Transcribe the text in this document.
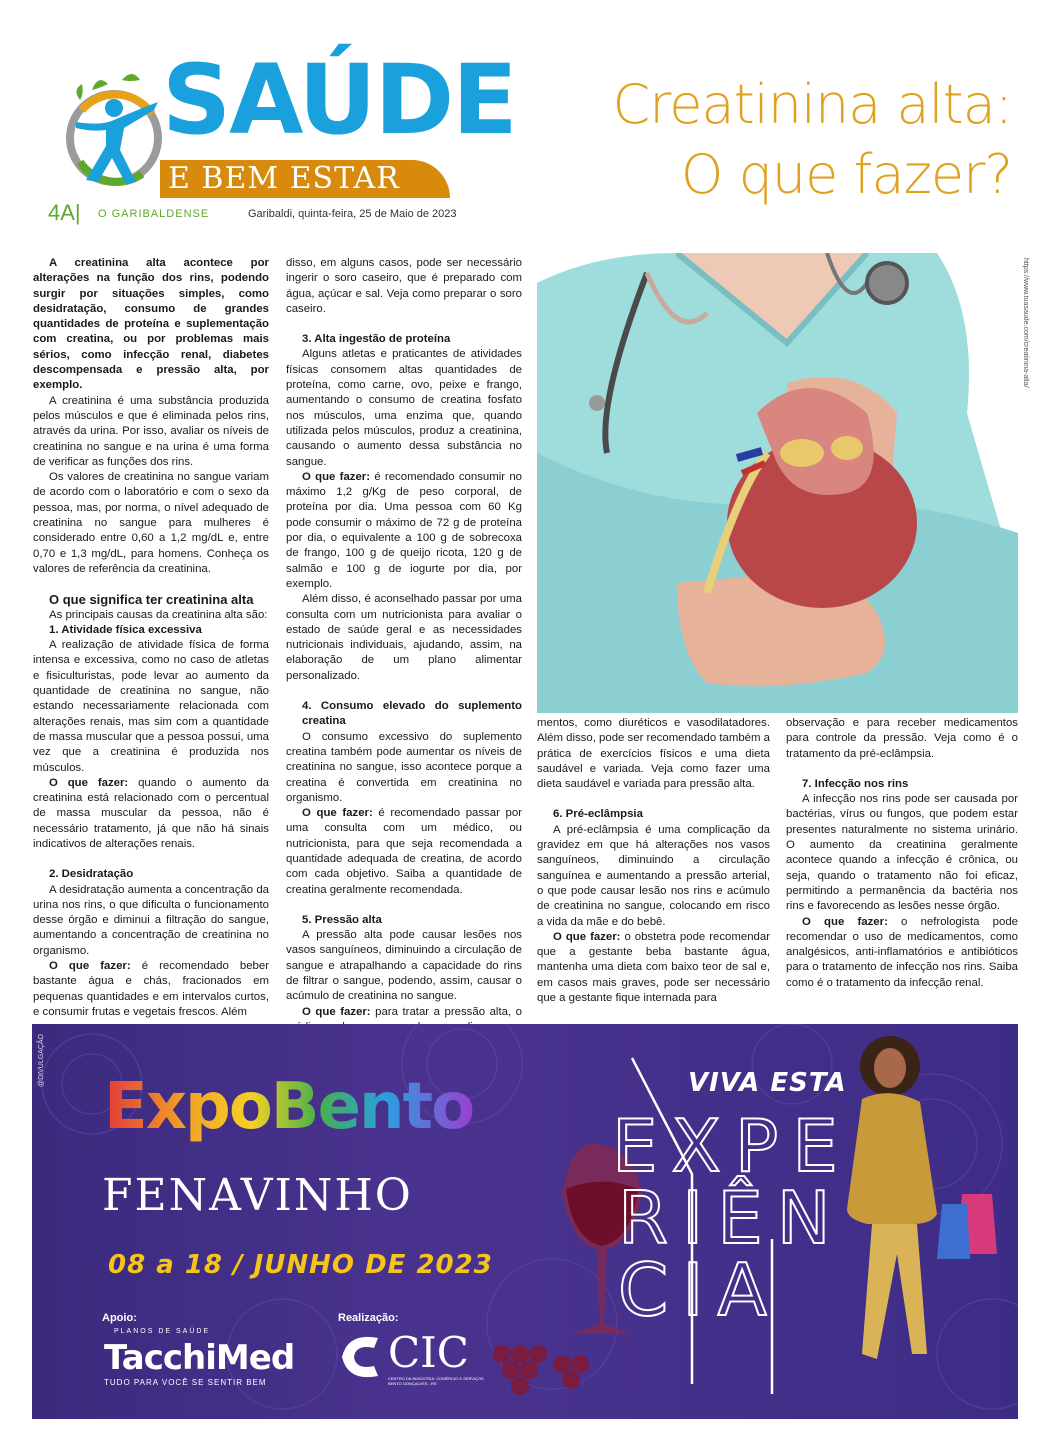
SAÚDE
E BEM ESTAR
4A| O GARIBALDENSE	Garibaldi, quinta-feira, 25 de Maio de 2023
Creatinina alta:
O que fazer?

A creatinina alta acontece por alterações na função dos rins, podendo surgir por situações simples, como desidratação, consumo de grandes quantidades de proteína e suplementação com creatina, ou por problemas mais sérios, como infecção renal, diabetes descompensada e pressão alta, por exemplo.

A creatinina é uma substância produzida pelos músculos e que é eliminada pelos rins, através da urina. Por isso, avaliar os níveis de creatinina no sangue e na urina é uma forma de verificar as funções dos rins.

Os valores de creatinina no sangue variam de acordo com o laboratório e com o sexo da pessoa, mas, por norma, o nível adequado de creatinina no sangue para mulheres é considerado entre 0,60 a 1,2 mg/dL e, entre 0,70 e 1,3 mg/dL, para homens. Conheça os valores de referência da creatinina.

O que significa ter creatinina alta

As principais causas da creatinina alta são:

1. Atividade física excessiva

A realização de atividade física de forma intensa e excessiva, como no caso de atletas e fisiculturistas, pode levar ao aumento da quantidade de creatinina no sangue, não estando necessariamente relacionada com alterações renais, mas sim com a quantidade de massa muscular que a pessoa possui, uma vez que a creatinina é produzida nos músculos.

O que fazer: quando o aumento da creatinina está relacionado com o percentual de massa muscular da pessoa, não é necessário tratamento, já que não há sinais indicativos de alterações renais.

2. Desidratação

A desidratação aumenta a concentração da urina nos rins, o que dificulta o funcionamento desse órgão e diminui a filtração do sangue, aumentando a concentração de creatinina no organismo.

O que fazer: é recomendado beber bastante água e chás, fracionados em pequenas quantidades e em intervalos curtos, e consumir frutas e vegetais frescos. Além

disso, em alguns casos, pode ser necessário ingerir o soro caseiro, que é preparado com água, açúcar e sal. Veja como preparar o soro caseiro.

3. Alta ingestão de proteína

Alguns atletas e praticantes de atividades físicas consomem altas quantidades de proteína, como carne, ovo, peixe e frango, aumentando o consumo de creatina fosfato nos músculos, uma enzima que, quando utilizada pelos músculos, produz a creatinina, causando o aumento dessa substância no sangue.

O que fazer: é recomendado consumir no máximo 1,2 g/Kg de peso corporal, de proteína por dia. Uma pessoa com 60 Kg pode consumir o máximo de 72 g de proteína por dia, o equivalente a 100 g de sobrecoxa de frango, 100 g de queijo ricota, 120 g de salmão e 100 g de iogurte por dia, por exemplo.

Além disso, é aconselhado passar por uma consulta com um nutricionista para avaliar o estado de saúde geral e as necessidades nutricionais individuais, ajudando, assim, na elaboração de um plano alimentar personalizado.

4. Consumo elevado do suplemento creatina

O consumo excessivo do suplemento creatina também pode aumentar os níveis de creatinina no sangue, isso acontece porque a creatina é convertida em creatinina no organismo.

O que fazer: é recomendado passar por uma consulta com um médico, ou nutricionista, para que seja recomendada a quantidade adequada de creatina, de acordo com cada objetivo. Saiba a quantidade de creatina geralmente recomendada.

5. Pressão alta

A pressão alta pode causar lesões nos vasos sanguíneos, diminuindo a circulação de sangue e atrapalhando a capacidade do rins de filtrar o sangue, podendo, assim, causar o acúmulo de creatinina no sangue.

O que fazer: para tratar a pressão alta, o

https://www.tuasaude.com/creatinina-alta/

mentos, como diuréticos e vasodilatadores. Além disso, pode ser recomendado também a prática de exercícios físicos e uma dieta saudável e variada. Veja como fazer uma dieta saudável e variada para pressão alta.

6. Pré-eclâmpsia

A pré-eclâmpsia é uma complicação da gravidez em que há alterações nos vasos sanguíneos, diminuindo a circulação sanguínea e aumentando a pressão arterial, o que pode causar lesão nos rins e acúmulo de creatinina no sangue, colocando em risco a vida da mãe e do bebê.

O que fazer: o obstetra pode recomendar que a gestante beba bastante água, mantenha uma dieta com baixo teor de sal e, em casos mais graves, pode ser necessário que a gestante fique internada para

observação e para receber medicamentos para controle da pressão. Veja como é o tratamento da pré-eclâmpsia.

7. Infecção nos rins

A infecção nos rins pode ser causada por bactérias, vírus ou fungos, que podem estar presentes naturalmente no sistema urinário. O aumento da creatinina geralmente acontece quando a infecção é crônica, ou seja, quando o tratamento não foi eficaz, permitindo a permanência da bactéria nos rins e favorecendo as lesões nesse órgão.

O que fazer: o nefrologista pode recomendar o uso de medicamentos, como analgésicos, anti-inflamatórios e antibióticos para o tratamento de infecção nos rins. Saiba como é o tratamento da infecção renal.

@DIVULGAÇÃO
ExpoBento
FENAVINHO
08 a 18 / JUNHO DE 2023
Apoio:
PLANOS DE SAÚDE
TacchiMed
TUDO PARA VOCÊ SE SENTIR BEM
Realização:
CIC
CENTRO DA INDÚSTRIA, COMÉRCIO E SERVIÇOS BENTO GONÇALVES - RS
VIVA ESTA
EXPE
RIÊN
CIA
